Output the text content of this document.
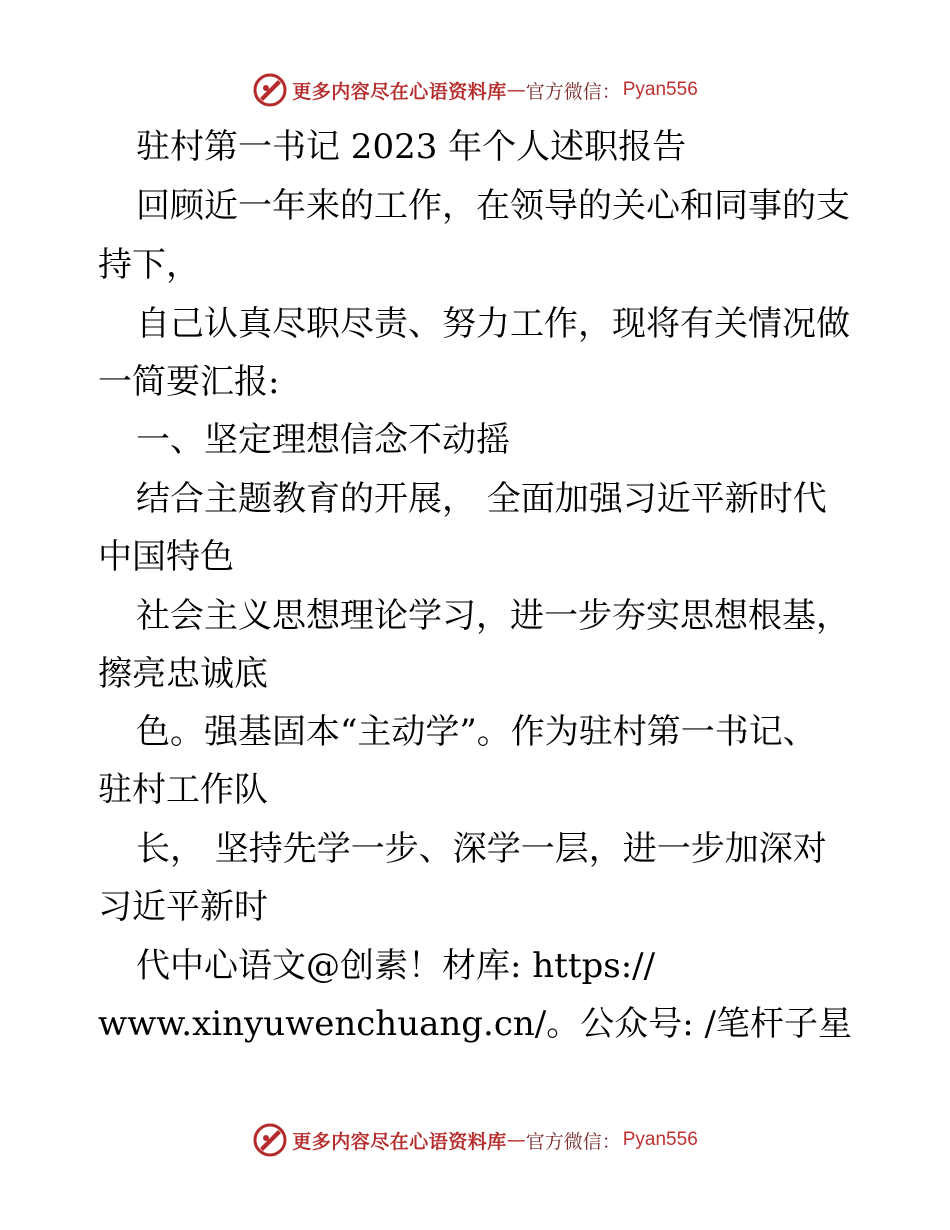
更多内容尽在心语资料库 — 官方微信： Pyan556
驻村第一书记 2023 年个人述职报告
回顾近一年来的工作，在领导的关心和同事的支
持下，
自己认真尽职尽责、努力工作，现将有关情况做
一简要汇报:
一、坚定理想信念不动摇
结合主题教育的开展， 全面加强习近平新时代
中国特色
社会主义思想理论学习，进一步夯实思想根基，
擦亮忠诚底
色。强基固本“主动学”。作为驻村第一书记、
驻村工作队
长， 坚持先学一步、深学一层，进一步加深对
习近平新时
代中心语文@创素！材库: https://
www.xinyuwenchuang.cn/。公众号: /笔杆子星
更多内容尽在心语资料库 — 官方微信： Pyan556
